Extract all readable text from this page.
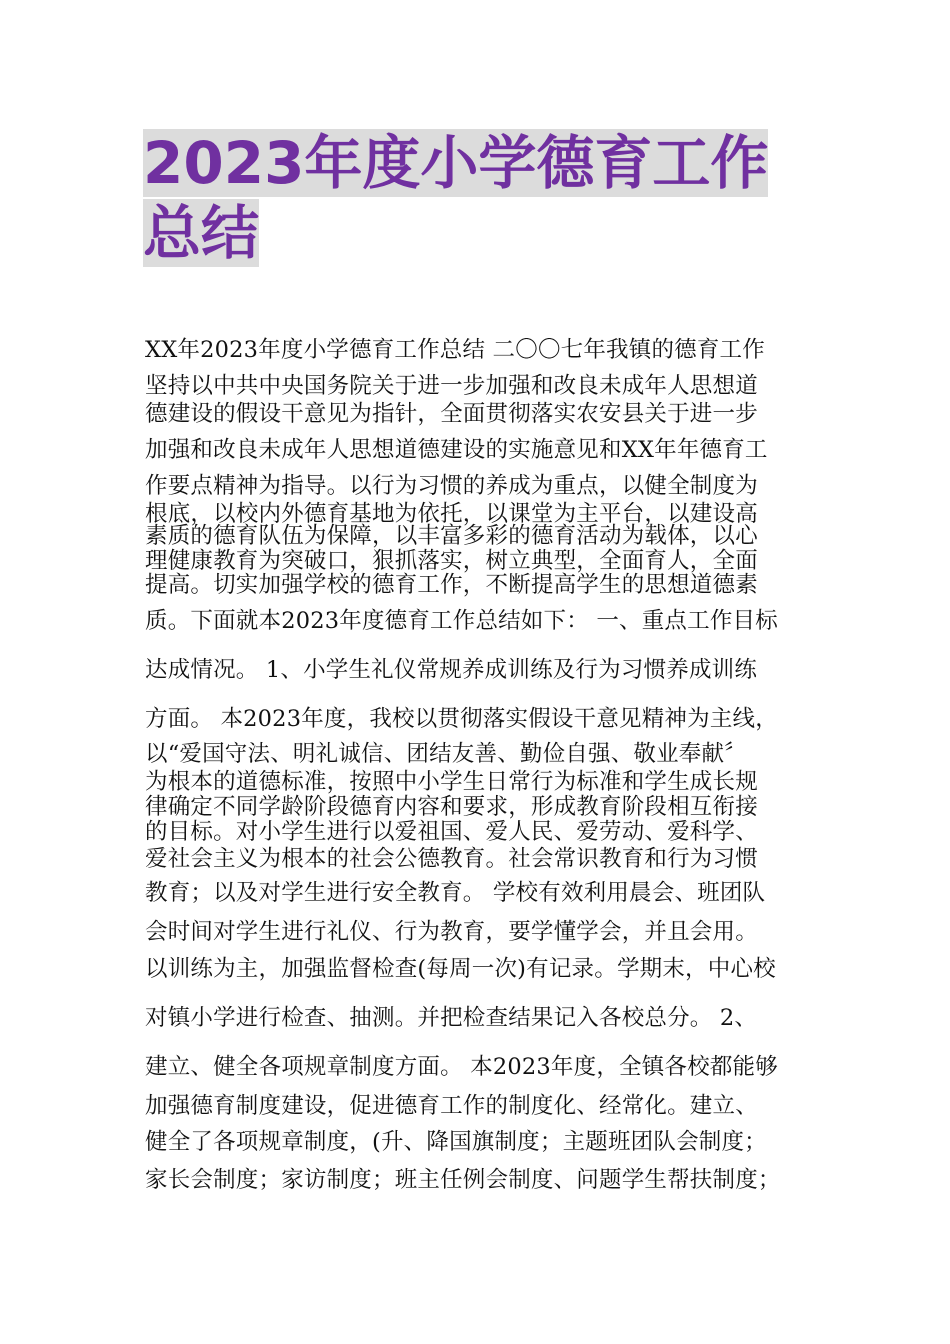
2023年度小学德育工作总结
XX年2023年度小学德育工作总结 二〇〇七年我镇的德育工作
坚持以中共中央国务院关于进一步加强和改良未成年人思想道
德建设的假设干意见为指针，全面贯彻落实农安县关于进一步
加强和改良未成年人思想道德建设的实施意见和XX年年德育工
作要点精神为指导。以行为习惯的养成为重点，以健全制度为
根底，以校内外德育基地为依托，以课堂为主平台，以建设高
素质的德育队伍为保障，以丰富多彩的德育活动为载体，以心
理健康教育为突破口，狠抓落实，树立典型，全面育人，全面
提高。切实加强学校的德育工作，不断提高学生的思想道德素
质。下面就本2023年度德育工作总结如下： 一、重点工作目标
达成情况。 1、小学生礼仪常规养成训练及行为习惯养成训练
方面。 本2023年度，我校以贯彻落实假设干意见精神为主线，
以“爱国守法、明礼诚信、团结友善、勤俭自强、敬业奉献〞
为根本的道德标准，按照中小学生日常行为标准和学生成长规
律确定不同学龄阶段德育内容和要求，形成教育阶段相互衔接
的目标。对小学生进行以爱祖国、爱人民、爱劳动、爱科学、
爱社会主义为根本的社会公德教育。社会常识教育和行为习惯
教育；以及对学生进行安全教育。 学校有效利用晨会、班团队
会时间对学生进行礼仪、行为教育，要学懂学会，并且会用。
以训练为主，加强监督检查(每周一次)有记录。学期末，中心校
对镇小学进行检查、抽测。并把检查结果记入各校总分。 2、
建立、健全各项规章制度方面。 本2023年度，全镇各校都能够
加强德育制度建设，促进德育工作的制度化、经常化。建立、
健全了各项规章制度，(升、降国旗制度；主题班团队会制度；
家长会制度；家访制度；班主任例会制度、问题学生帮扶制度；
